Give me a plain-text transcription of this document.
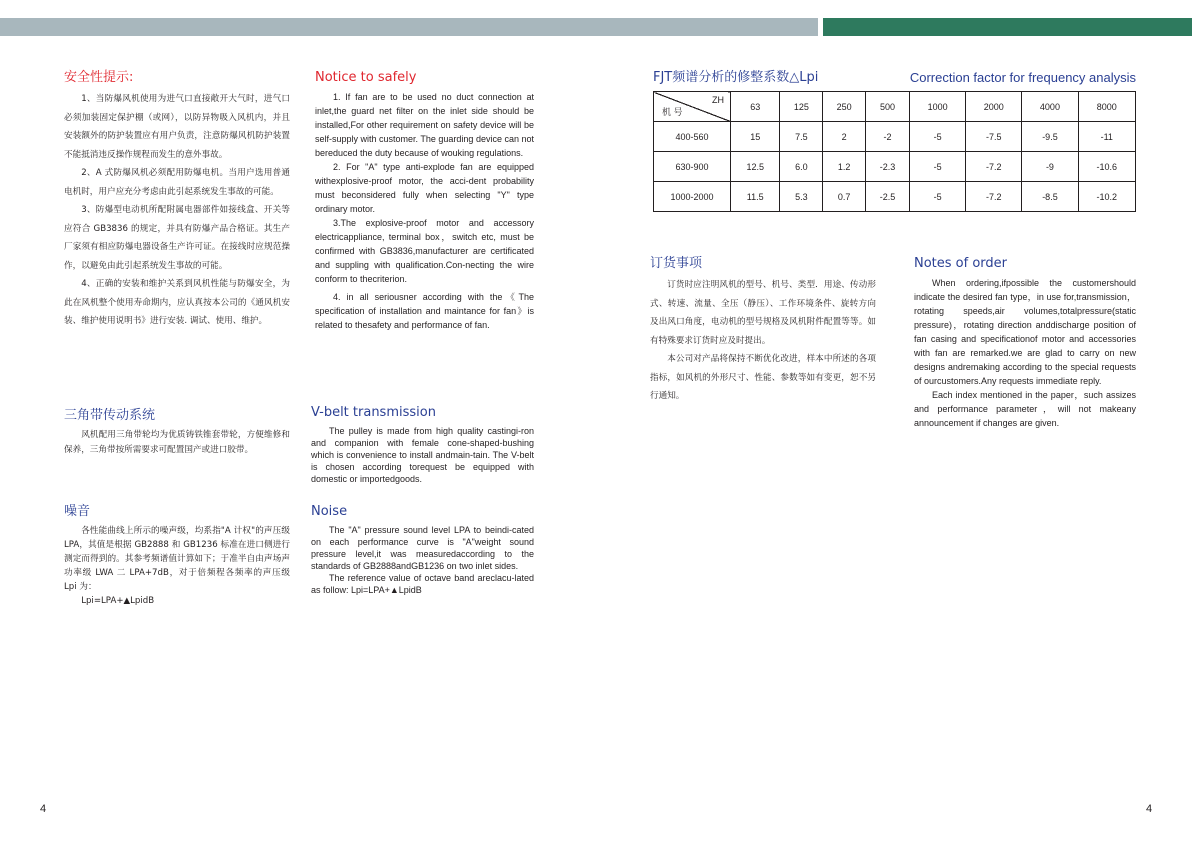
安全性提示:

1、当防爆风机使用为进气口直接敞开大气时，进气口必须加装固定保护棚（或网），以防异物吸入风机内，并且安装额外的防护装置应有用户负责，注意防爆风机防护装置不能抵消违反操作规程而发生的意外事故。

2、A 式防爆风机必须配用防爆电机。当用户选用普通电机时，用户应充分考虑由此引起系统发生事故的可能。

3、防爆型电动机所配附属电器部件如接线盒、开关等应符合 GB3836 的规定，并具有防爆产品合格证。其生产厂家须有相应防爆电器设备生产许可证。在接线时应规范操作，以避免由此引起系统发生事故的可能。

4、正确的安装和维护关系到风机性能与防爆安全，为此在风机整个使用寿命期内，应认真按本公司的《通风机安装、维护使用说明书》进行安装. 调试、使用、维护。

三角带传动系统

风机配用三角带轮均为优质铸铁锥套带轮，方便维修和保养，三角带按所需要求可配置国产或进口胶带。

噪音

各性能曲线上所示的噪声级，均系指"A 计权"的声压级 LPA，其值是根据 GB2888 和 GB1236 标准在进口侧进行测定而得到的。其参考频谱值计算如下；于准半自由声场声功率级 LWA 二 LPA+7dB，对于倍频程各频率的声压级 Lpi 为：

Lpi=LPA+▲LpidB

Notice to safely

1. If fan are to be used no duct connection at inlet,the guard net filter on the inlet side should be installed,For other requirement on safety device will be self-supply with customer. The guarding device can not bereduced the duty because of wouking regulations.

2. For "A" type anti-explode fan are equipped withexplosive-proof motor, the acci-dent probability must beconsidered fully when selecting "Y" type ordinary motor.

3.The explosive-proof motor and accessory electricappliance, terminal box，switch etc, must be confirmed with GB3836,manufacturer are certificated and suppling with qualification.Con-necting the wire conform to thecriterion.

4. in all seriousner according with the《The specification of installation and maintance for fan》is related to thesafety and performance of fan.

V-belt transmission

The pulley is made from high quality castingi-ron and companion with female cone-shaped-bushing which is convenience to install andmain-tain. The V-belt is chosen according torequest be equipped with domestic or importedgoods.

Noise

The "A" pressure sound level LPA to beindi-cated on each performance curve is "A"weight sound pressure level,it was measuredaccording to the standards of GB2888andGB1236 on two inlet sides.

The reference value of octave band areclacu-lated as follow: Lpi=LPA+▲LpidB

FJT频谱分析的修整系数△Lpi	Correction factor for frequency analysis
ZH
机 号	63	125	250	500	1000	2000	4000	8000
400-560	15	7.5	2	-2	-5	-7.5	-9.5	-11
630-900	12.5	6.0	1.2	-2.3	-5	-7.2	-9	-10.6
1000-2000	11.5	5.3	0.7	-2.5	-5	-7.2	-8.5	-10.2
订货事项

订货时应注明风机的型号、机号、类型．用途、传动形式、转速、流量、全压（静压）、工作环境条件、旋转方向及出风口角度，电动机的型号规格及风机附件配置等等。如有特殊要求订货时应及时提出。

本公司对产品将保持不断优化改进，样本中所述的各项指标，如风机的外形尺寸、性能、参数等如有变更，恕不另行通知。

Notes of order

When ordering,ifpossible the customershould indicate the desired fan type，in use for,transmission，rotating speeds,air volumes,totalpressure(static pressure)，rotating direction anddischarge position of fan casing and specificationof motor and accessories with fan are remarked.we are glad to carry on new designs andremaking according to the special requests of ourcustomers.Any requests immediate reply.

Each index mentioned in the paper，such assizes and performance parameter，will not makeany announcement if changes are given.

4	4
